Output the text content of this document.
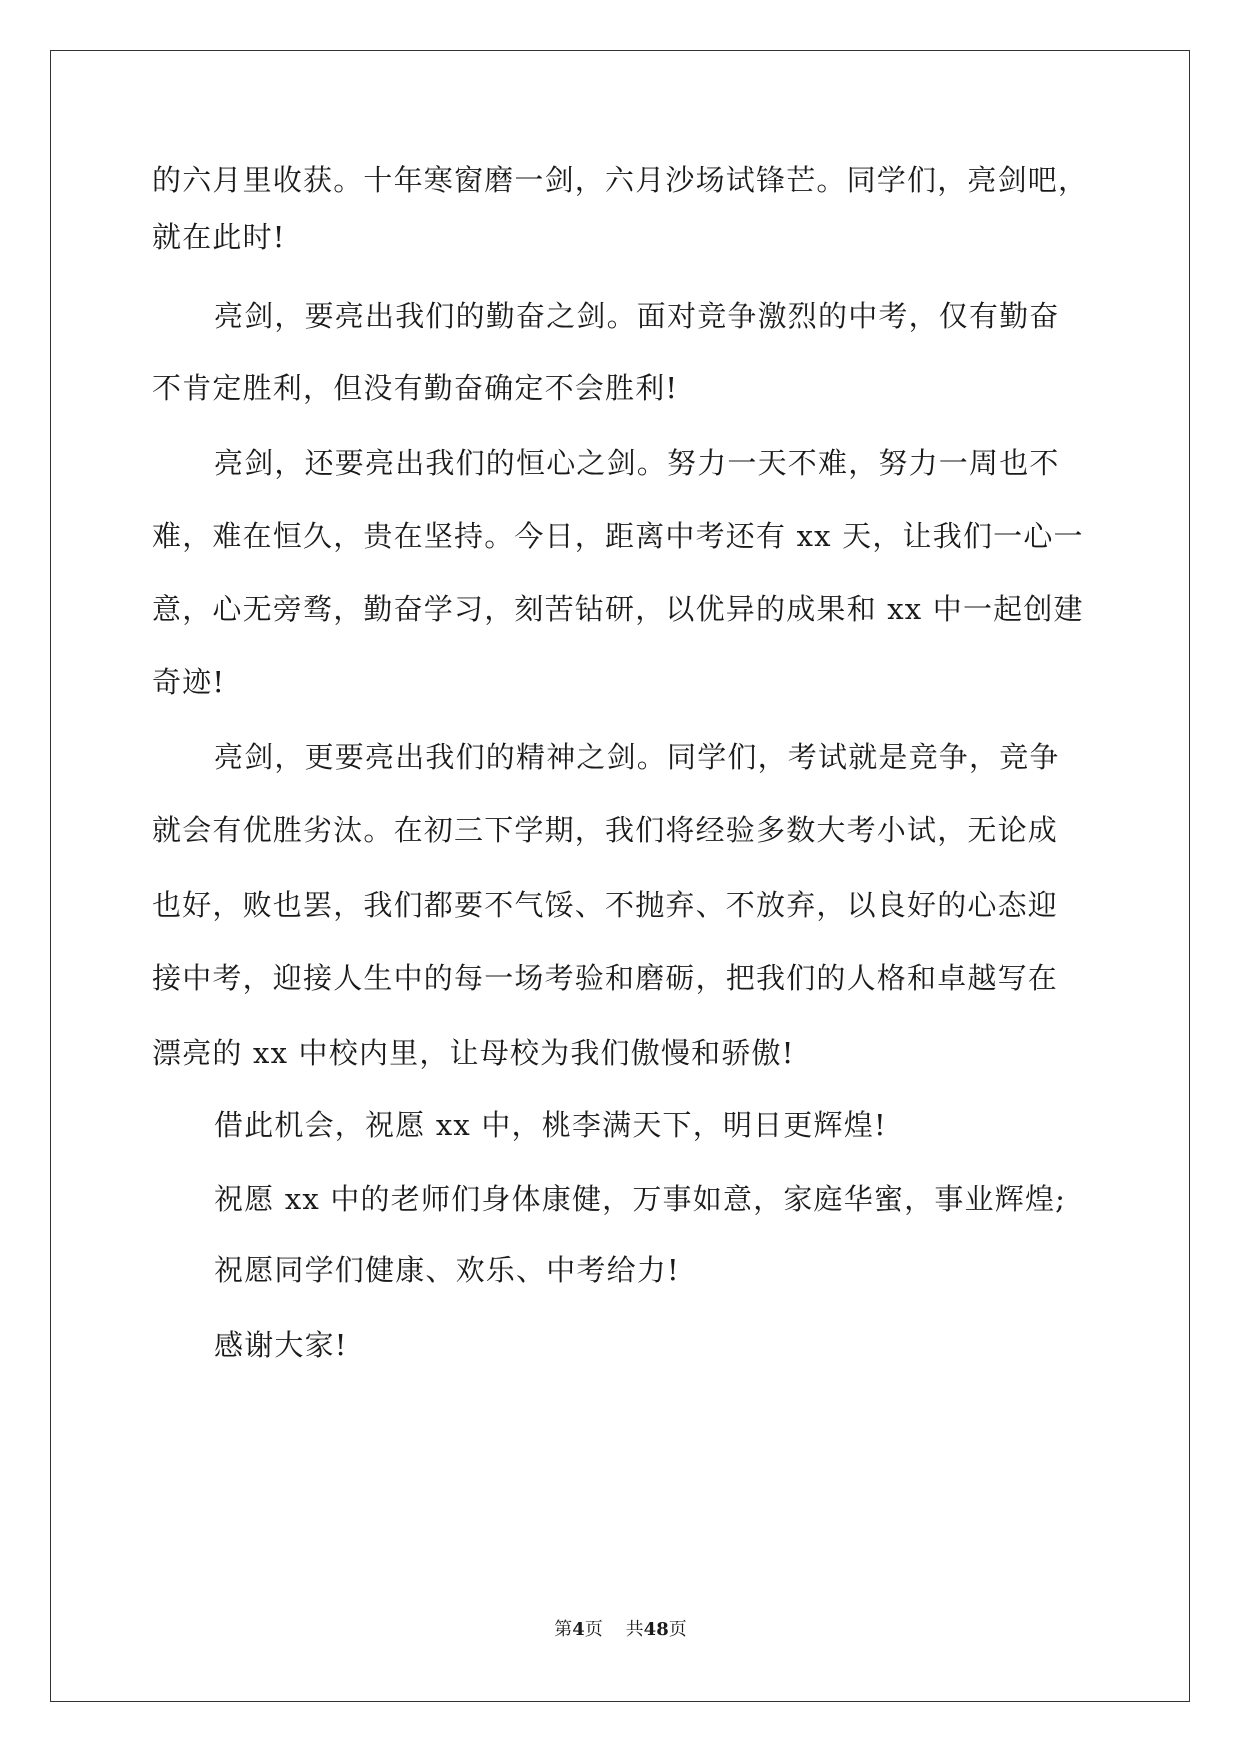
的六月里收获。十年寒窗磨一剑，六月沙场试锋芒。同学们，亮剑吧，
就在此时!
亮剑，要亮出我们的勤奋之剑。面对竞争激烈的中考，仅有勤奋
不肯定胜利，但没有勤奋确定不会胜利!
亮剑，还要亮出我们的恒心之剑。努力一天不难，努力一周也不
难，难在恒久，贵在坚持。今日，距离中考还有 xx 天，让我们一心一
意，心无旁骛，勤奋学习，刻苦钻研，以优异的成果和 xx 中一起创建
奇迹!
亮剑，更要亮出我们的精神之剑。同学们，考试就是竞争，竞争
就会有优胜劣汰。在初三下学期，我们将经验多数大考小试，无论成
也好，败也罢，我们都要不气馁、不抛弃、不放弃，以良好的心态迎
接中考，迎接人生中的每一场考验和磨砺，把我们的人格和卓越写在
漂亮的 xx 中校内里，让母校为我们傲慢和骄傲!
借此机会，祝愿 xx 中，桃李满天下，明日更辉煌!
祝愿 xx 中的老师们身体康健，万事如意，家庭华蜜，事业辉煌;
祝愿同学们健康、欢乐、中考给力!
感谢大家!
第4页    共48页
